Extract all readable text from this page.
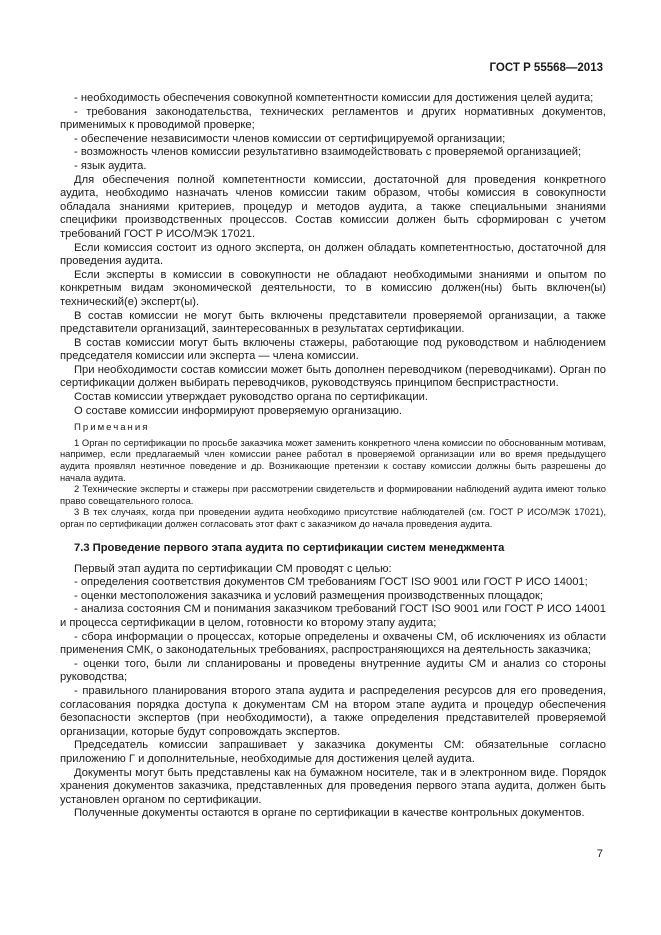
ГОСТ Р 55568—2013

- необходимость обеспечения совокупной компетентности комиссии для достижения целей аудита;

- требования законодательства, технических регламентов и других нормативных документов, применимых к проводимой проверке;

- обеспечение независимости членов комиссии от сертифицируемой организации;

- возможность членов комиссии результативно взаимодействовать с проверяемой организацией;

- язык аудита.

Для обеспечения полной компетентности комиссии, достаточной для проведения конкретного аудита, необходимо назначать членов комиссии таким образом, чтобы комиссия в совокупности обладала знаниями критериев, процедур и методов аудита, а также специальными знаниями специфики производственных процессов. Состав комиссии должен быть сформирован с учетом требований ГОСТ Р ИСО/МЭК 17021.

Если комиссия состоит из одного эксперта, он должен обладать компетентностью, достаточной для проведения аудита.

Если эксперты в комиссии в совокупности не обладают необходимыми знаниями и опытом по конкретным видам экономической деятельности, то в комиссию должен(ны) быть включен(ы) технический(е) эксперт(ы).

В состав комиссии не могут быть включены представители проверяемой организации, а также представители организаций, заинтересованных в результатах сертификации.

В состав комиссии могут быть включены стажеры, работающие под руководством и наблюдением председателя комиссии или эксперта — члена комиссии.

При необходимости состав комиссии может быть дополнен переводчиком (переводчиками). Орган по сертификации должен выбирать переводчиков, руководствуясь принципом беспристрастности.

Состав комиссии утверждает руководство органа по сертификации.

О составе комиссии информируют проверяемую организацию.

Примечания

1 Орган по сертификации по просьбе заказчика может заменить конкретного члена комиссии по обоснованным мотивам, например, если предлагаемый член комиссии ранее работал в проверяемой организации или во время предыдущего аудита проявлял неэтичное поведение и др. Возникающие претензии к составу комиссии должны быть разрешены до начала аудита.

2 Технические эксперты и стажеры при рассмотрении свидетельств и формировании наблюдений аудита имеют только право совещательного голоса.

3 В тех случаях, когда при проведении аудита необходимо присутствие наблюдателей (см. ГОСТ Р ИСО/МЭК 17021), орган по сертификации должен согласовать этот факт с заказчиком до начала проведения аудита.

7.3 Проведение первого этапа аудита по сертификации систем менеджмента

Первый этап аудита по сертификации СМ проводят с целью:

- определения соответствия документов СМ требованиям ГОСТ ISO 9001 или ГОСТ Р ИСО 14001;

- оценки местоположения заказчика и условий размещения производственных площадок;

- анализа состояния СМ и понимания заказчиком требований ГОСТ ISO 9001 или ГОСТ Р ИСО 14001 и процесса сертификации в целом, готовности ко второму этапу аудита;

- сбора информации о процессах, которые определены и охвачены СМ, об исключениях из области применения СМК, о законодательных требованиях, распространяющихся на деятельность заказчика;

- оценки того, были ли спланированы и проведены внутренние аудиты СМ и анализ со стороны руководства;

- правильного планирования второго этапа аудита и распределения ресурсов для его проведения, согласования порядка доступа к документам СМ на втором этапе аудита и процедур обеспечения безопасности экспертов (при необходимости), а также определения представителей проверяемой организации, которые будут сопровождать экспертов.

Председатель комиссии запрашивает у заказчика документы СМ: обязательные согласно приложению Г и дополнительные, необходимые для достижения целей аудита.

Документы могут быть представлены как на бумажном носителе, так и в электронном виде. Порядок хранения документов заказчика, представленных для проведения первого этапа аудита, должен быть установлен органом по сертификации.

Полученные документы остаются в органе по сертификации в качестве контрольных документов.

7
